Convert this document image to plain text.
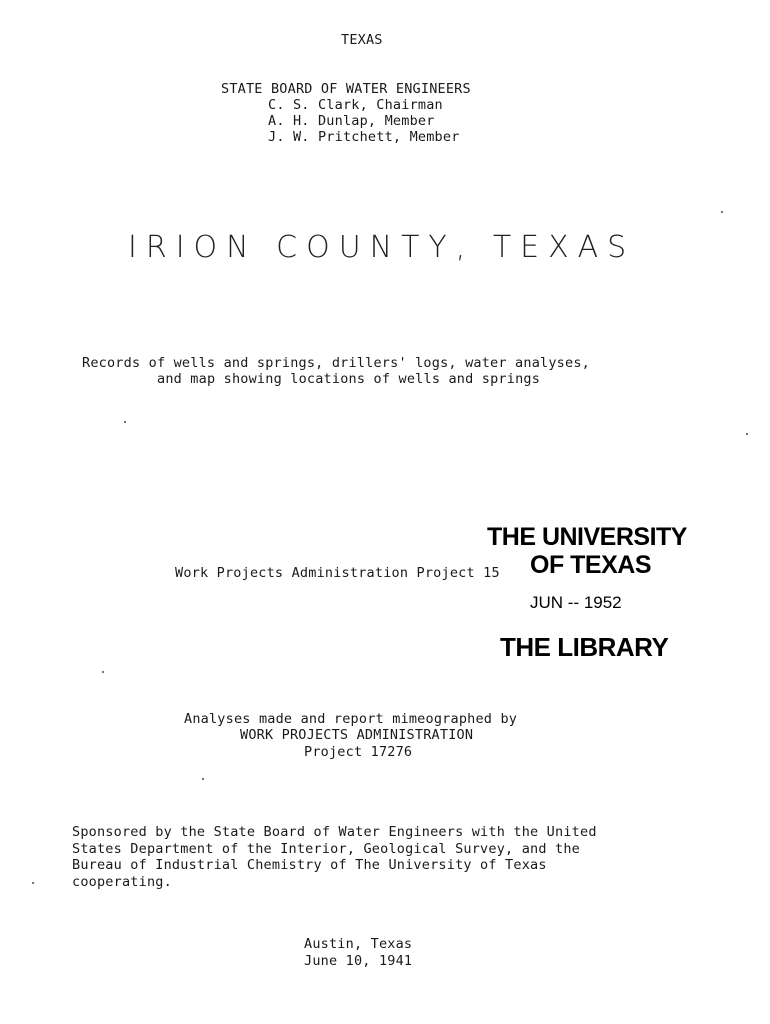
TEXAS
STATE BOARD OF WATER ENGINEERS
C. S. Clark, Chairman
A. H. Dunlap, Member
J. W. Pritchett, Member
IRION COUNTY, TEXAS
Records of wells and springs, drillers' logs, water analyses,
and map showing locations of wells and springs
Work Projects Administration Project 15
THE UNIVERSITY
OF TEXAS
JUN -- 1952
THE LIBRARY
Analyses made and report mimeographed by
WORK PROJECTS ADMINISTRATION
Project 17276
Sponsored by the State Board of Water Engineers with the United
States Department of the Interior, Geological Survey, and the
Bureau of Industrial Chemistry of The University of Texas
cooperating.
Austin, Texas
June 10, 1941
